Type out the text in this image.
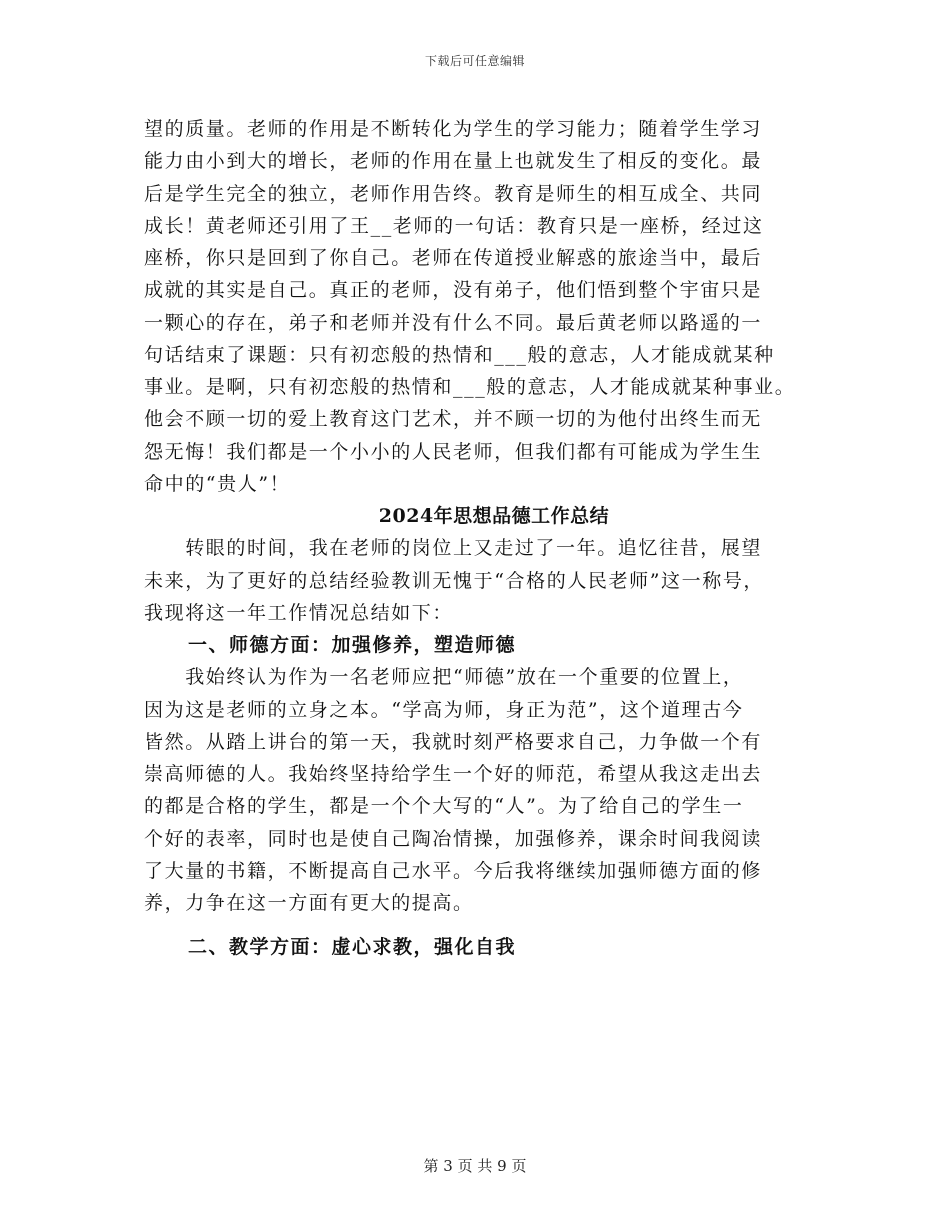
下载后可任意编辑
望的质量。老师的作用是不断转化为学生的学习能力；随着学生学习
能力由小到大的增长，老师的作用在量上也就发生了相反的变化。最
后是学生完全的独立，老师作用告终。教育是师生的相互成全、共同
成长！黄老师还引用了王__老师的一句话：教育只是一座桥，经过这
座桥，你只是回到了你自己。老师在传道授业解惑的旅途当中，最后
成就的其实是自己。真正的老师，没有弟子，他们悟到整个宇宙只是
一颗心的存在，弟子和老师并没有什么不同。最后黄老师以路遥的一
句话结束了课题：只有初恋般的热情和___般的意志，人才能成就某种
事业。是啊，只有初恋般的热情和___般的意志，人才能成就某种事业。
他会不顾一切的爱上教育这门艺术，并不顾一切的为他付出终生而无
怨无悔！我们都是一个小小的人民老师，但我们都有可能成为学生生
命中的“贵人”！
2024年思想品德工作总结
　　转眼的时间，我在老师的岗位上又走过了一年。追忆往昔，展望
未来，为了更好的总结经验教训无愧于“合格的人民老师”这一称号，
我现将这一年工作情况总结如下：
一、师德方面：加强修养，塑造师德
　　我始终认为作为一名老师应把“师德”放在一个重要的位置上，
因为这是老师的立身之本。“学高为师，身正为范”，这个道理古今
皆然。从踏上讲台的第一天，我就时刻严格要求自己，力争做一个有
崇高师德的人。我始终坚持给学生一个好的师范，希望从我这走出去
的都是合格的学生，都是一个个大写的“人”。为了给自己的学生一
个好的表率，同时也是使自己陶冶情操，加强修养，课余时间我阅读
了大量的书籍，不断提高自己水平。今后我将继续加强师德方面的修
养，力争在这一方面有更大的提高。
二、教学方面：虚心求教，强化自我
第 3 页 共 9 页
